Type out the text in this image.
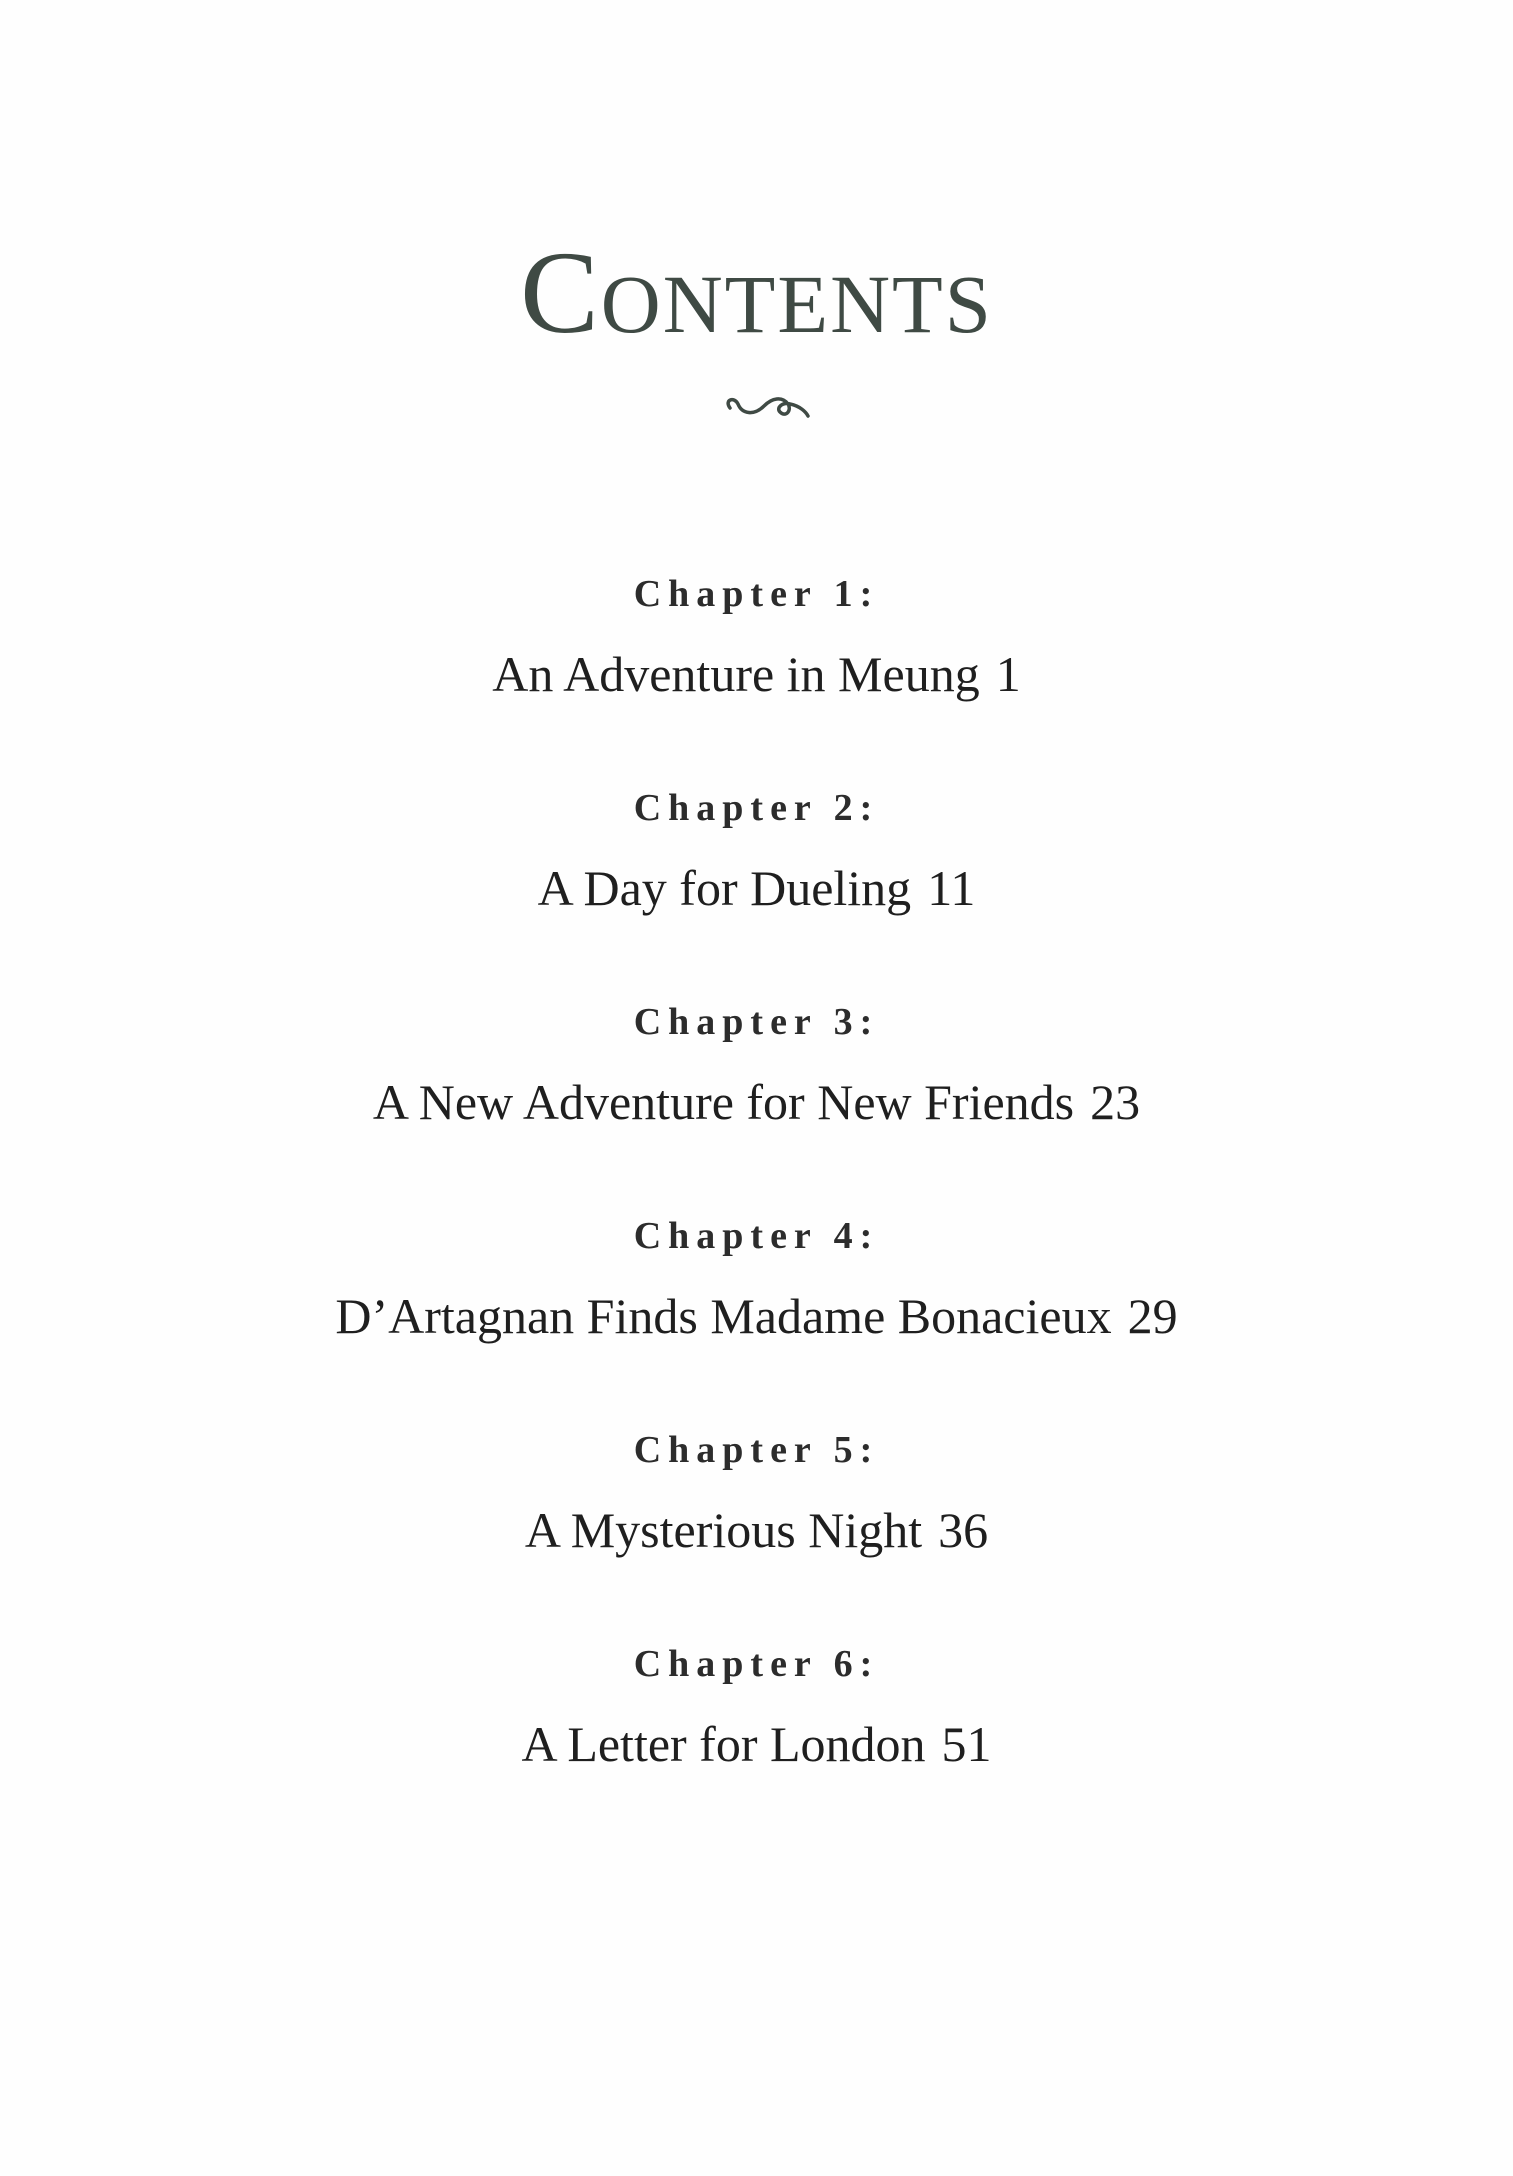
Contents
Chapter 1:
An Adventure in Meung 1
Chapter 2:
A Day for Dueling 11
Chapter 3:
A New Adventure for New Friends 23
Chapter 4:
D’Artagnan Finds Madame Bonacieux 29
Chapter 5:
A Mysterious Night 36
Chapter 6:
A Letter for London 51
